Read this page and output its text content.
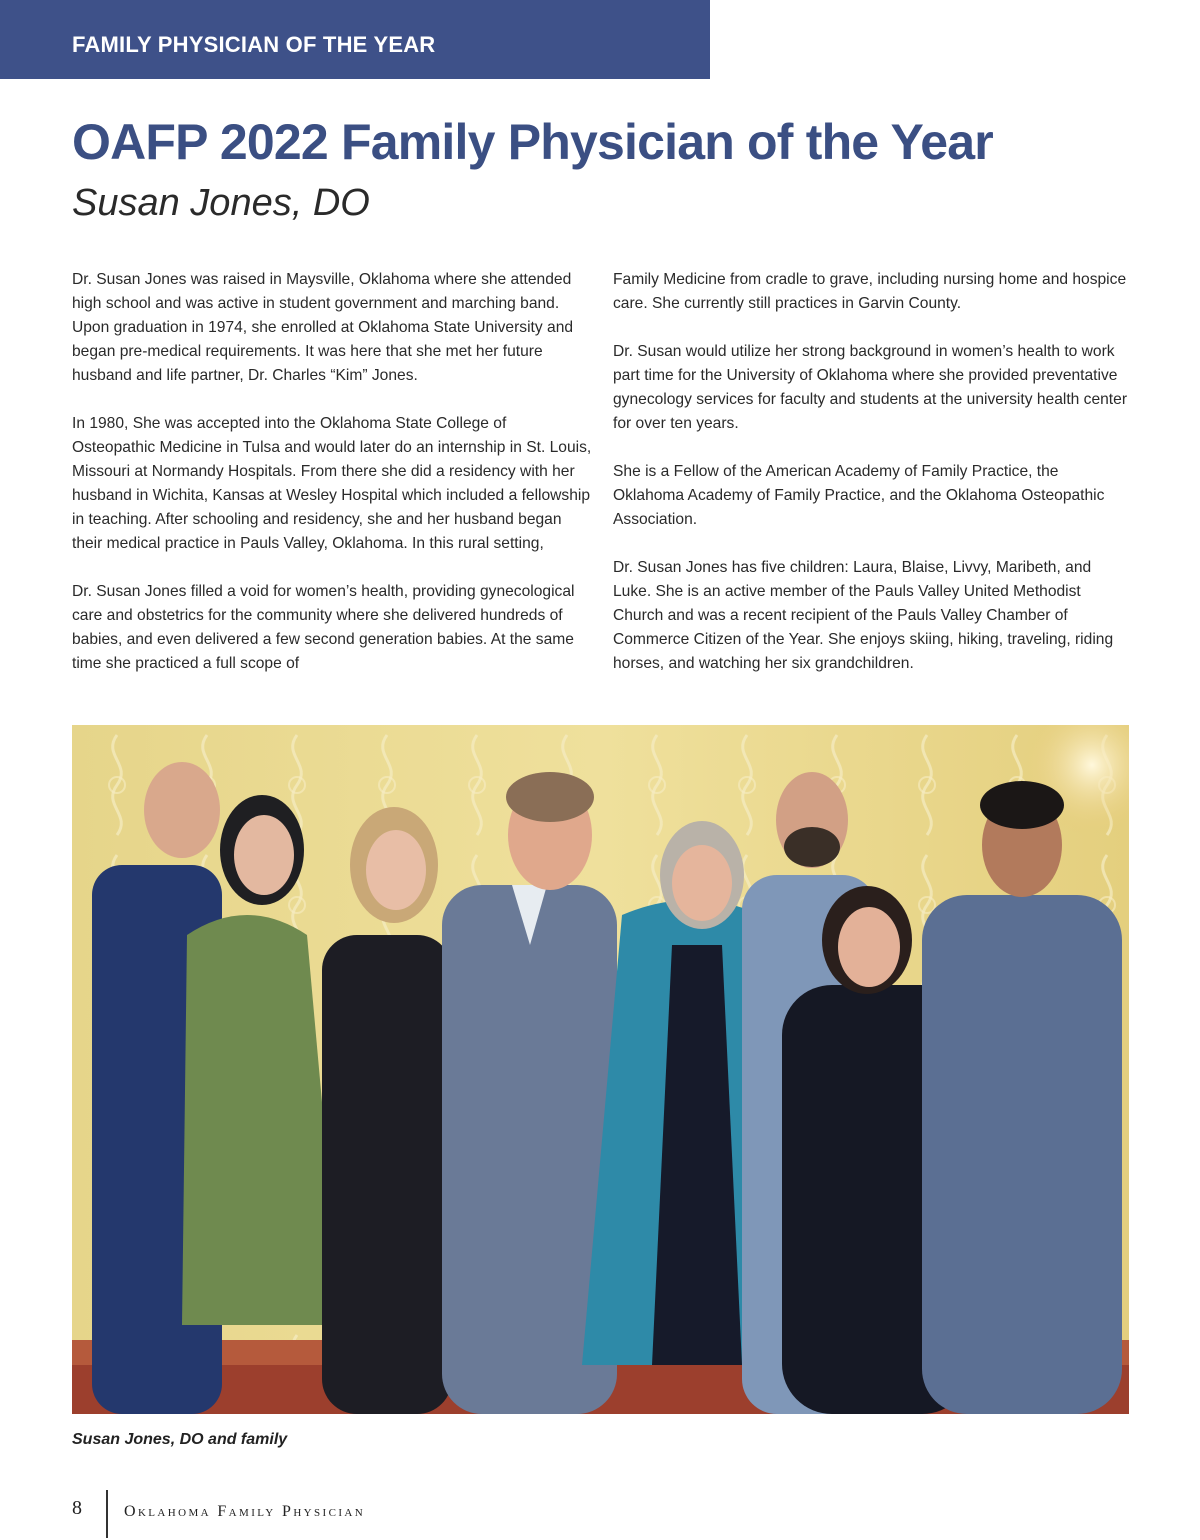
FAMILY PHYSICIAN OF THE YEAR
OAFP 2022 Family Physician of the Year
Susan Jones, DO

Dr. Susan Jones was raised in Maysville, Oklahoma where she attended high school and was active in student government and marching band. Upon graduation in 1974, she enrolled at Oklahoma State University and began pre-medical requirements. It was here that she met her future husband and life partner, Dr. Charles “Kim” Jones.

In 1980, She was accepted into the Oklahoma State College of Osteopathic Medicine in Tulsa and would later do an internship in St. Louis, Missouri at Normandy Hospitals. From there she did a residency with her husband in Wichita, Kansas at Wesley Hospital which included a fellowship in teaching. After schooling and residency, she and her husband began their medical practice in Pauls Valley, Oklahoma. In this rural setting,

Dr. Susan Jones filled a void for women’s health, providing gynecological care and obstetrics for the community where she delivered hundreds of babies, and even delivered a few second generation babies. At the same time she practiced a full scope of

Family Medicine from cradle to grave, including nursing home and hospice care. She currently still practices in Garvin County.

Dr. Susan would utilize her strong background in women’s health to work part time for the University of Oklahoma where she provided preventative gynecology services for faculty and students at the university health center for over ten years.

She is a Fellow of the American Academy of Family Practice, the Oklahoma Academy of Family Practice, and the Oklahoma Osteopathic Association.

Dr. Susan Jones has five children: Laura, Blaise, Livvy, Maribeth, and Luke. She is an active member of the Pauls Valley United Methodist Church and was a recent recipient of the Pauls Valley Chamber of Commerce Citizen of the Year. She enjoys skiing, hiking, traveling, riding horses, and watching her six grandchildren.

Susan Jones, DO and family
8	Oklahoma Family Physician
